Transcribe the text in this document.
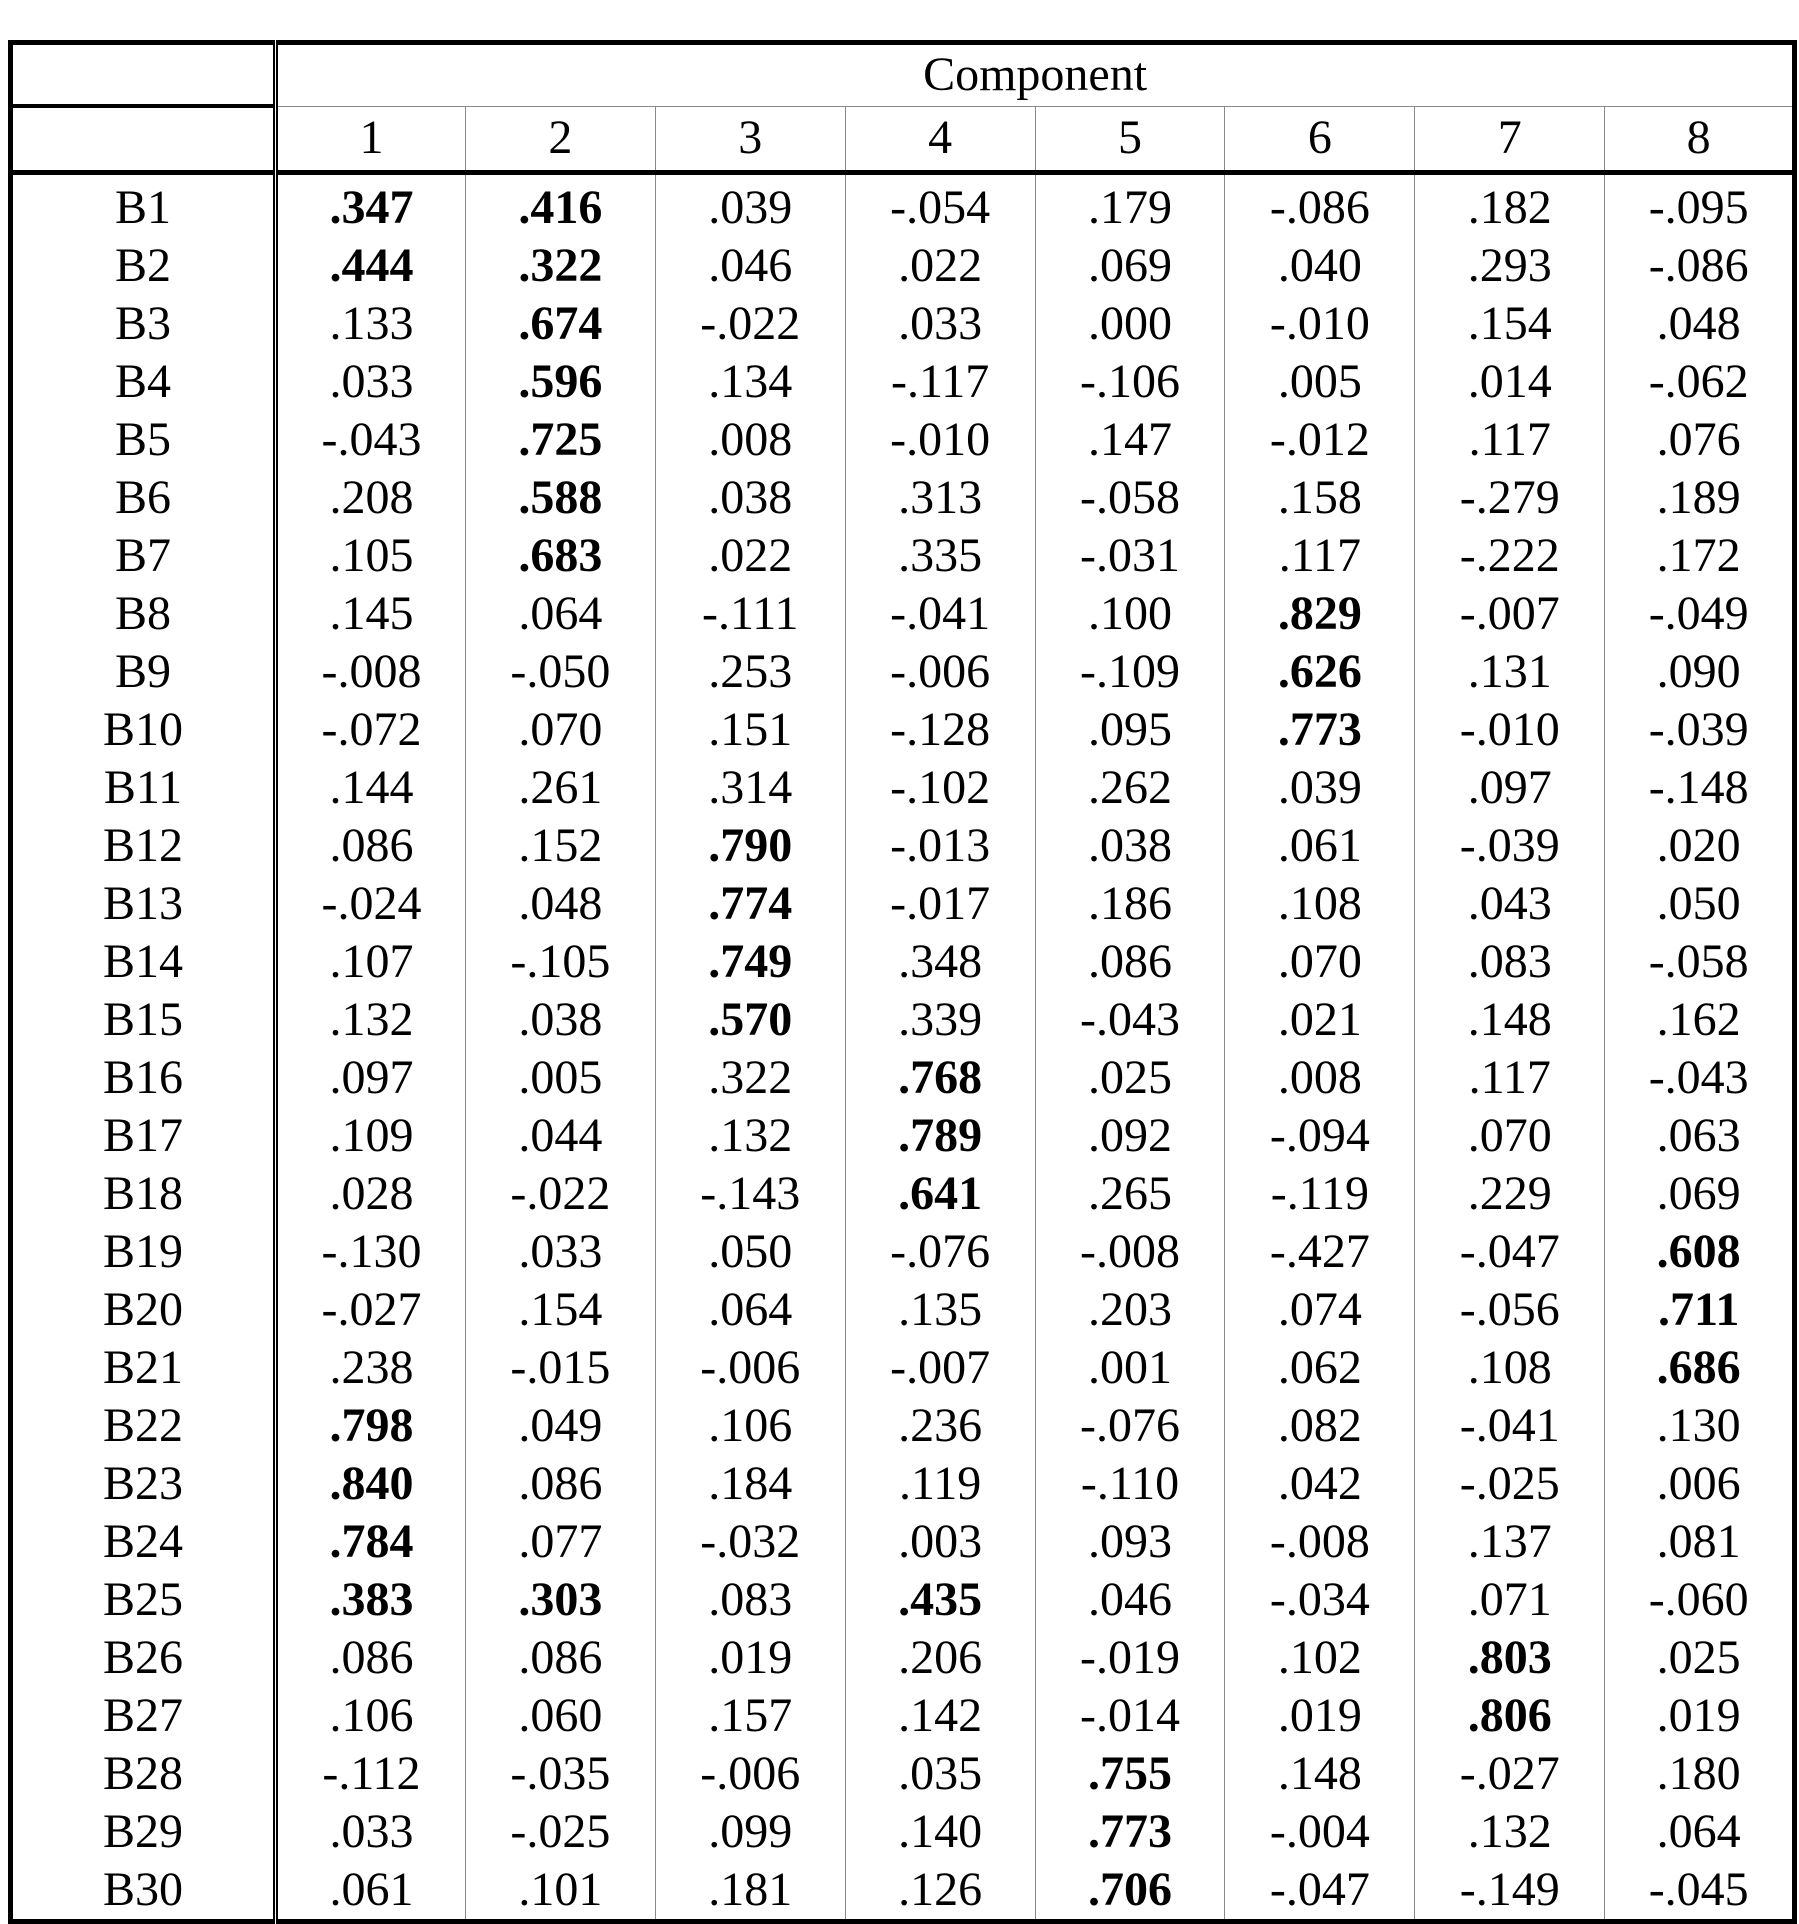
	Component							
	1	2	3	4	5	6	7	8
B1	.347	.416	.039	-.054	.179	-.086	.182	-.095
B2	.444	.322	.046	.022	.069	.040	.293	-.086
B3	.133	.674	-.022	.033	.000	-.010	.154	.048
B4	.033	.596	.134	-.117	-.106	.005	.014	-.062
B5	-.043	.725	.008	-.010	.147	-.012	.117	.076
B6	.208	.588	.038	.313	-.058	.158	-.279	.189
B7	.105	.683	.022	.335	-.031	.117	-.222	.172
B8	.145	.064	-.111	-.041	.100	.829	-.007	-.049
B9	-.008	-.050	.253	-.006	-.109	.626	.131	.090
B10	-.072	.070	.151	-.128	.095	.773	-.010	-.039
B11	.144	.261	.314	-.102	.262	.039	.097	-.148
B12	.086	.152	.790	-.013	.038	.061	-.039	.020
B13	-.024	.048	.774	-.017	.186	.108	.043	.050
B14	.107	-.105	.749	.348	.086	.070	.083	-.058
B15	.132	.038	.570	.339	-.043	.021	.148	.162
B16	.097	.005	.322	.768	.025	.008	.117	-.043
B17	.109	.044	.132	.789	.092	-.094	.070	.063
B18	.028	-.022	-.143	.641	.265	-.119	.229	.069
B19	-.130	.033	.050	-.076	-.008	-.427	-.047	.608
B20	-.027	.154	.064	.135	.203	.074	-.056	.711
B21	.238	-.015	-.006	-.007	.001	.062	.108	.686
B22	.798	.049	.106	.236	-.076	.082	-.041	.130
B23	.840	.086	.184	.119	-.110	.042	-.025	.006
B24	.784	.077	-.032	.003	.093	-.008	.137	.081
B25	.383	.303	.083	.435	.046	-.034	.071	-.060
B26	.086	.086	.019	.206	-.019	.102	.803	.025
B27	.106	.060	.157	.142	-.014	.019	.806	.019
B28	-.112	-.035	-.006	.035	.755	.148	-.027	.180
B29	.033	-.025	.099	.140	.773	-.004	.132	.064
B30	.061	.101	.181	.126	.706	-.047	-.149	-.045
